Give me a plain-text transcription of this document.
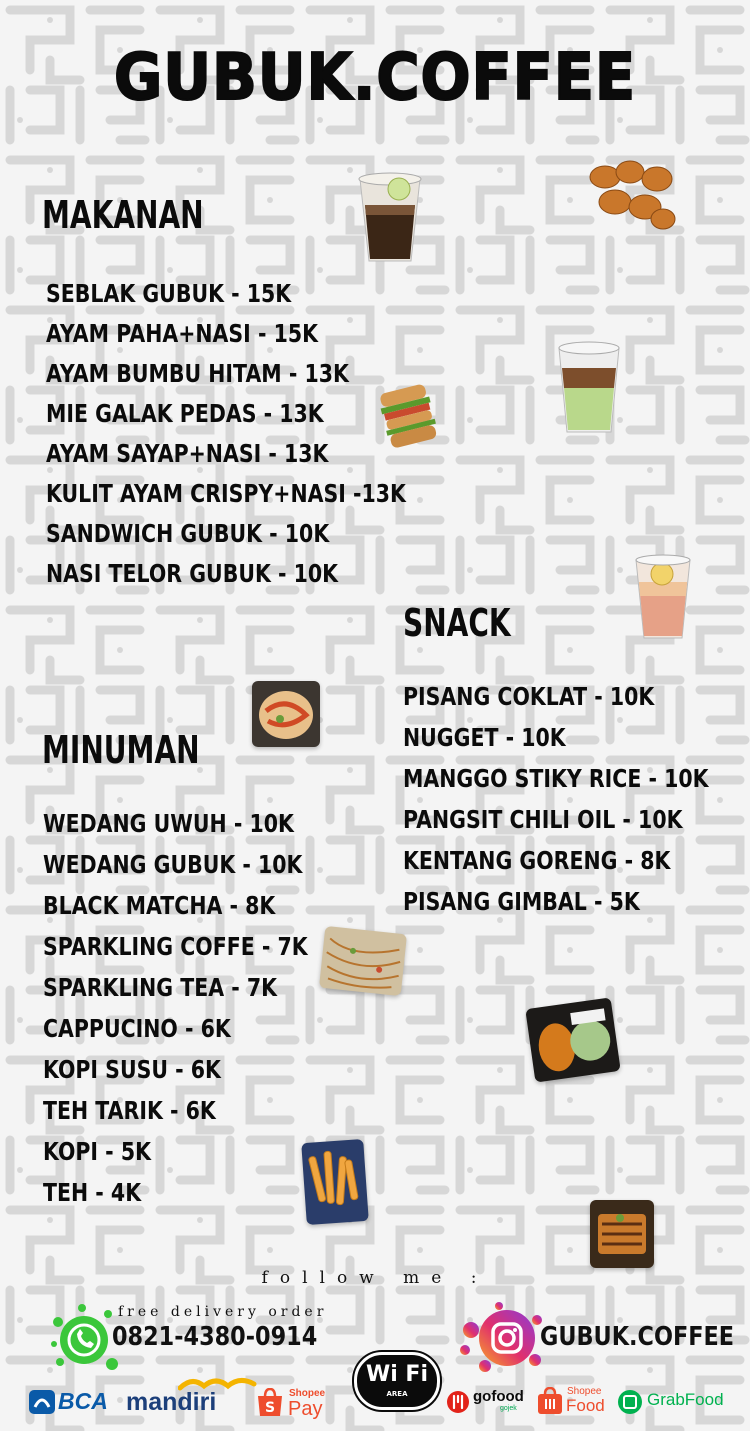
GUBUK.COFFEE
MAKANAN
SEBLAK GUBUK - 15K
AYAM PAHA+NASI - 15K
AYAM BUMBU HITAM - 13K
MIE GALAK PEDAS - 13K
AYAM SAYAP+NASI - 13K
KULIT AYAM CRISPY+NASI -13K
SANDWICH GUBUK - 10K
NASI TELOR GUBUK - 10K
SNACK
PISANG COKLAT - 10K
NUGGET - 10K
MANGGO STIKY RICE - 10K
PANGSIT CHILI OIL - 10K
KENTANG GORENG - 8K
PISANG GIMBAL - 5K
MINUMAN
WEDANG UWUH - 10K
WEDANG GUBUK - 10K
BLACK MATCHA - 8K
SPARKLING COFFE - 7K
SPARKLING TEA - 7K
CAPPUCINO - 6K
KOPI SUSU - 6K
TEH TARIK - 6K
KOPI - 5K
TEH - 4K
follow me :
free delivery order
0821-4380-0914	GUBUK.COFFEE
Wi Fi
AREA
BCA mandiri	S
Shopee
Pay
gofood
gojek
Shopee
Food GrabFood
